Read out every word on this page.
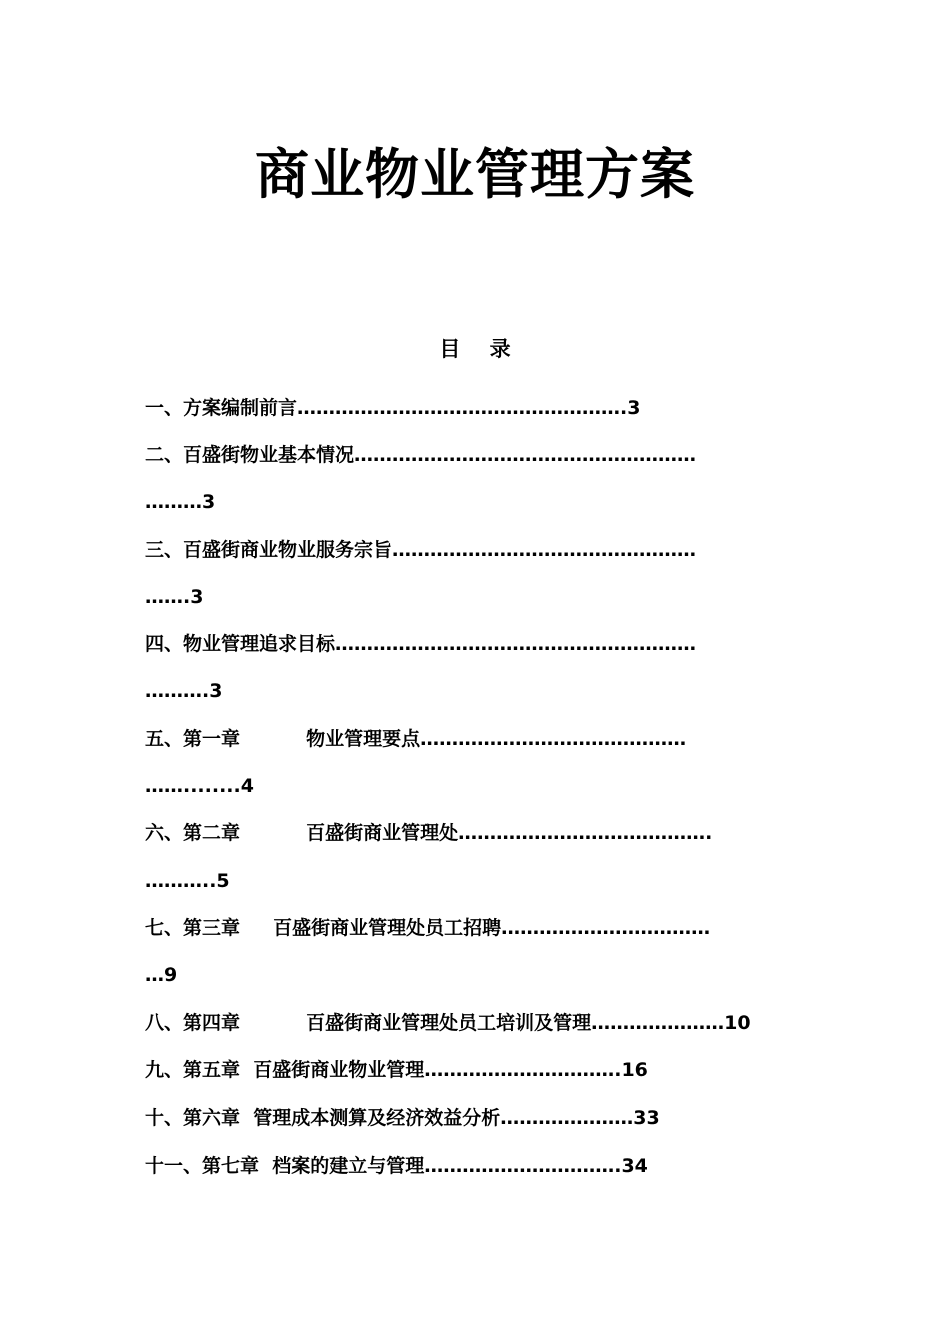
商业物业管理方案
目    录
一、方案编制前言…………………………………………….3
二、百盛街物业基本情况………………………………………………
………3
三、百盛街商业物业服务宗旨…………………………………………
…….3
四、物业管理追求目标…………………………………………………
……….3
五、第一章          物业管理要点……………………………………
……........4
六、第二章          百盛街商业管理处………………………………….
………..5
七、第三章     百盛街商业管理处员工招聘……………………………
…9
八、第四章          百盛街商业管理处员工培训及管理…………………10
九、第五章  百盛街商业物业管理………………………….16
十、第六章  管理成本测算及经济效益分析…………………33
十一、第七章  档案的建立与管理………………………….34
